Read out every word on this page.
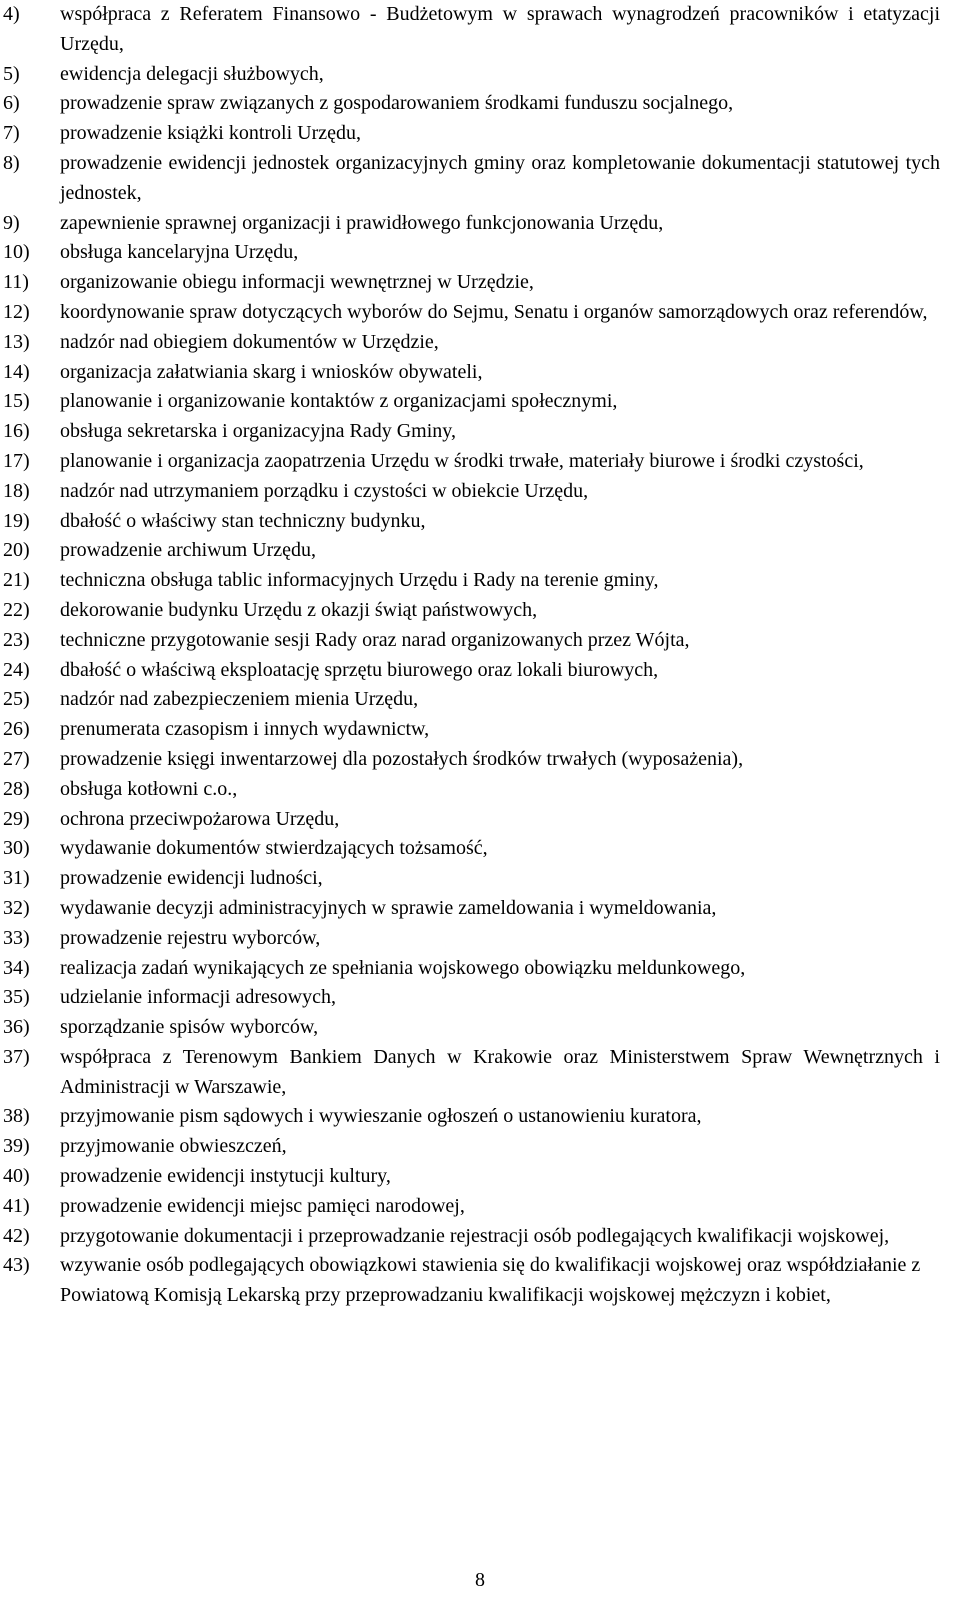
4)	współpraca z Referatem Finansowo - Budżetowym w sprawach wynagrodzeń pracowników i etatyzacji Urzędu,
5)	ewidencja delegacji służbowych,
6)	prowadzenie spraw związanych z gospodarowaniem środkami funduszu socjalnego,
7)	prowadzenie książki kontroli Urzędu,
8)	prowadzenie ewidencji jednostek organizacyjnych gminy oraz kompletowanie dokumentacji statutowej tych jednostek,
9)	zapewnienie sprawnej organizacji i prawidłowego funkcjonowania Urzędu,
10)	obsługa kancelaryjna Urzędu,
11)	organizowanie obiegu informacji wewnętrznej w Urzędzie,
12)	koordynowanie spraw dotyczących wyborów do Sejmu, Senatu i organów samorządowych oraz referendów,
13)	nadzór nad obiegiem dokumentów w Urzędzie,
14)	organizacja załatwiania skarg i wniosków obywateli,
15)	planowanie i organizowanie kontaktów z organizacjami społecznymi,
16)	obsługa sekretarska i organizacyjna Rady Gminy,
17)	planowanie i organizacja zaopatrzenia Urzędu w środki trwałe, materiały biurowe i środki czystości,
18)	nadzór nad utrzymaniem porządku i czystości w obiekcie Urzędu,
19)	dbałość o właściwy stan techniczny budynku,
20)	prowadzenie archiwum Urzędu,
21)	techniczna obsługa tablic informacyjnych Urzędu i Rady na terenie gminy,
22)	dekorowanie budynku Urzędu z okazji świąt państwowych,
23)	techniczne przygotowanie sesji Rady oraz narad organizowanych przez Wójta,
24)	dbałość o właściwą eksploatację sprzętu biurowego oraz lokali biurowych,
25)	nadzór nad zabezpieczeniem mienia Urzędu,
26)	prenumerata czasopism i innych wydawnictw,
27)	prowadzenie księgi inwentarzowej dla pozostałych środków trwałych (wyposażenia),
28)	obsługa kotłowni c.o.,
29)	ochrona przeciwpożarowa Urzędu,
30)	wydawanie dokumentów stwierdzających tożsamość,
31)	prowadzenie ewidencji ludności,
32)	wydawanie decyzji administracyjnych w sprawie zameldowania i wymeldowania,
33)	prowadzenie rejestru wyborców,
34)	realizacja zadań wynikających ze spełniania wojskowego obowiązku meldunkowego,
35)	udzielanie informacji adresowych,
36)	sporządzanie spisów wyborców,
37)	współpraca z Terenowym Bankiem Danych w Krakowie oraz Ministerstwem Spraw Wewnętrznych i Administracji w Warszawie,
38)	przyjmowanie pism sądowych i wywieszanie ogłoszeń o ustanowieniu kuratora,
39)	przyjmowanie obwieszczeń,
40)	prowadzenie ewidencji instytucji kultury,
41)	prowadzenie ewidencji miejsc pamięci narodowej,
42)	przygotowanie dokumentacji i przeprowadzanie rejestracji osób podlegających kwalifikacji wojskowej,
43)	wzywanie osób podlegających obowiązkowi stawienia się do kwalifikacji wojskowej oraz współdziałanie z Powiatową Komisją Lekarską przy przeprowadzaniu kwalifikacji wojskowej mężczyzn i kobiet,
8
